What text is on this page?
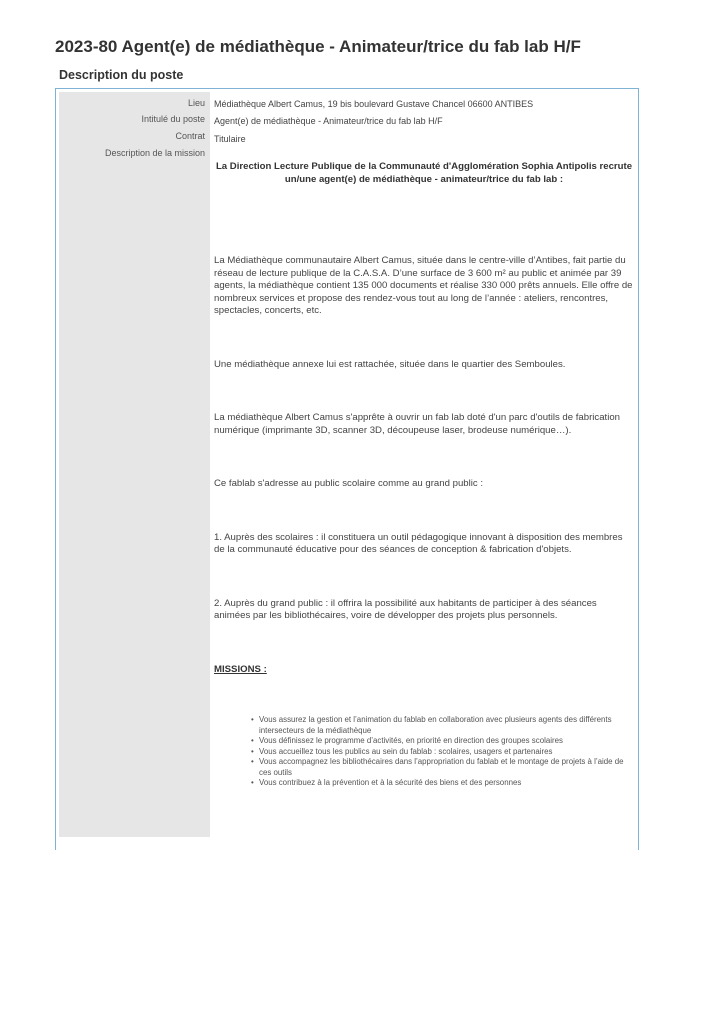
2023-80 Agent(e) de médiathèque - Animateur/trice du fab lab H/F
Description du poste
Lieu Médiathèque Albert Camus, 19 bis boulevard Gustave Chancel 06600 ANTIBES
Intitulé du poste Agent(e) de médiathèque - Animateur/trice du fab lab H/F
Contrat Titulaire
Description de la mission

La Direction Lecture Publique de la Communauté d'Agglomération Sophia Antipolis recrute un/une agent(e) de médiathèque - animateur/trice du fab lab :

La Médiathèque communautaire Albert Camus, située dans le centre-ville d’Antibes, fait partie du réseau de lecture publique de la C.A.S.A. D’une surface de 3 600 m² au public et animée par 39 agents, la médiathèque contient 135 000 documents et réalise 330 000 prêts annuels. Elle offre de nombreux services et propose des rendez-vous tout au long de l’année : ateliers, rencontres, spectacles, concerts, etc.

Une médiathèque annexe lui est rattachée, située dans le quartier des Semboules.

La médiathèque Albert Camus s'apprête à ouvrir un fab lab doté d'un parc d'outils de fabrication numérique (imprimante 3D, scanner 3D, découpeuse laser, brodeuse numérique…).

Ce fablab s'adresse au public scolaire comme au grand public :

1. Auprès des scolaires : il constituera un outil pédagogique innovant à disposition des membres de la communauté éducative pour des séances de conception & fabrication d'objets.

2. Auprès du grand public : il offrira la possibilité aux habitants de participer à des séances animées par les bibliothécaires, voire de développer des projets plus personnels.

MISSIONS :

• Vous assurez la gestion et l’animation du fablab en collaboration avec plusieurs agents des différents intersecteurs de la médiathèque
• Vous définissez le programme d’activités, en priorité en direction des groupes scolaires
• Vous accueillez tous les publics au sein du fablab : scolaires, usagers et partenaires
• Vous accompagnez les bibliothécaires dans l’appropriation du fablab et le montage de projets à l’aide de ces outils
• Vous contribuez à la prévention et à la sécurité des biens et des personnes
